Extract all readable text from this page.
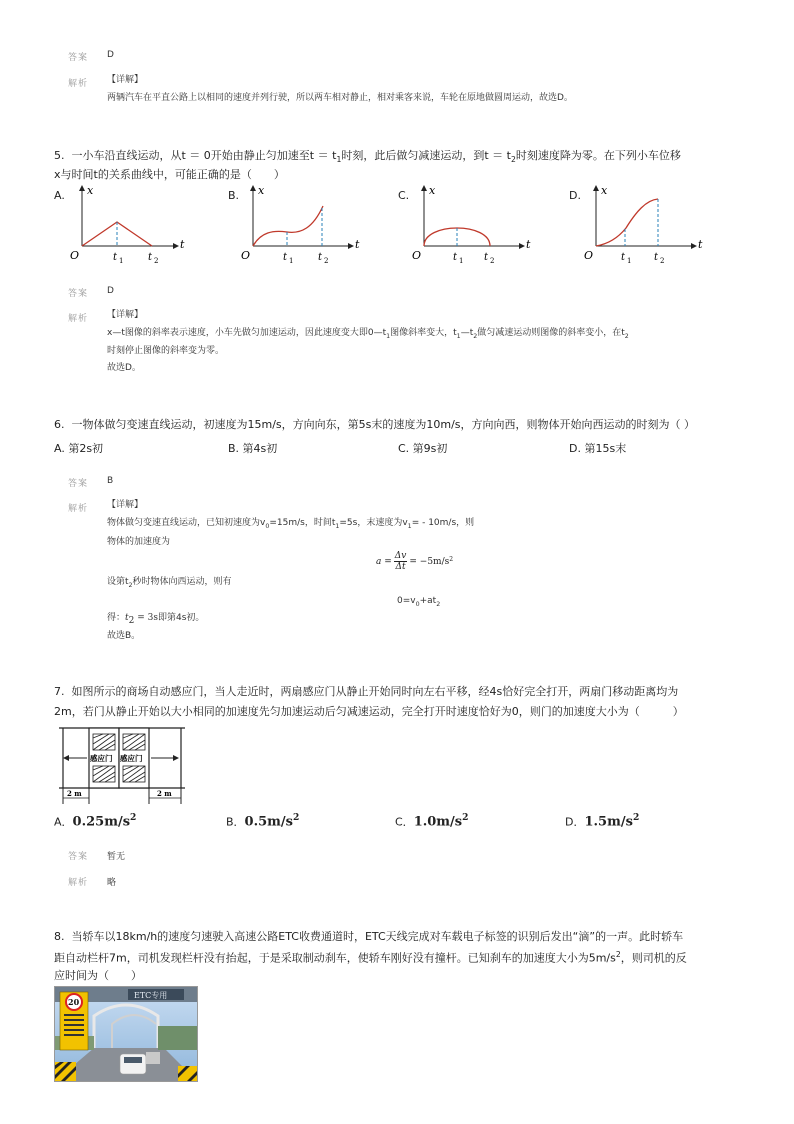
答案 D
解析 【详解】
两辆汽车在平直公路上以相同的速度并列行驶，所以两车相对静止，相对乘客来说，车轮在原地做圆周运动，故选D。
5. 一小车沿直线运动，从t ＝ 0开始由静止匀加速至$t = t_1$时刻，此后做匀减速运动，到$t = t_2$时刻速度降为零。在下列小车位移
x与时间t的关系曲线中，可能正确的是（　　）
A.	B.	C.	D.
x
t
O	t 1 t 2
x
t
O	t 1 t 2
x
t
O	t 1 t 2
x
t
O	t 1 t 2
答案 D
解析 【详解】
x—t图像的斜率表示速度，小车先做匀加速运动，因此速度变大即$0—t_1$图像斜率变大，$t_1—t_2$做匀减速运动则图像的斜率变小，在$t_2$
时刻停止图像的斜率变为零。
故选D。
6. 一物体做匀变速直线运动，初速度为15m/s，方向向东，第5s末的速度为10m/s，方向向西，则物体开始向西运动的时刻为（ ）
A. 第2s初	B. 第4s初	C. 第9s初	D. 第15s末
答案 B
解析 【详解】
物体做匀变速直线运动，已知初速度为$v_0=15m/s$，时间$t_1=5s$，末速度为$v_1= - 10m/s$，则
物体的加速度为
$a = \frac{\Delta v}{\Delta t} = -5m/s^2$
设第$t_2$秒时物体向西运动，则有
$0=v_0+at_2$
得：$t_2 = 3s$即第4s初。
故选B。
7. 如图所示的商场自动感应门，当人走近时，两扇感应门从静止开始同时向左右平移，经4s恰好完全打开，两扇门移动距离均为
2m，若门从静止开始以大小相同的加速度先匀加速运动后匀减速运动，完全打开时速度恰好为0，则门的加速度大小为（　　　）
感应门 感应门
2 m	2 m
A．$0.25m/s^2$	B．$0.5m/s^2$	C．$1.0m/s^2$	D．$1.5m/s^2$
答案 暂无
解析 略
8. 当轿车以18km/h的速度匀速驶入高速公路ETC收费通道时，ETC天线完成对车载电子标签的识别后发出“滴”的一声。此时轿车
距自动栏杆7m，司机发现栏杆没有抬起，于是采取制动刹车，使轿车刚好没有撞杆。已知刹车的加速度大小为$5m/s^2$，则司机的反
应时间为（　　）
ETC专用
20
